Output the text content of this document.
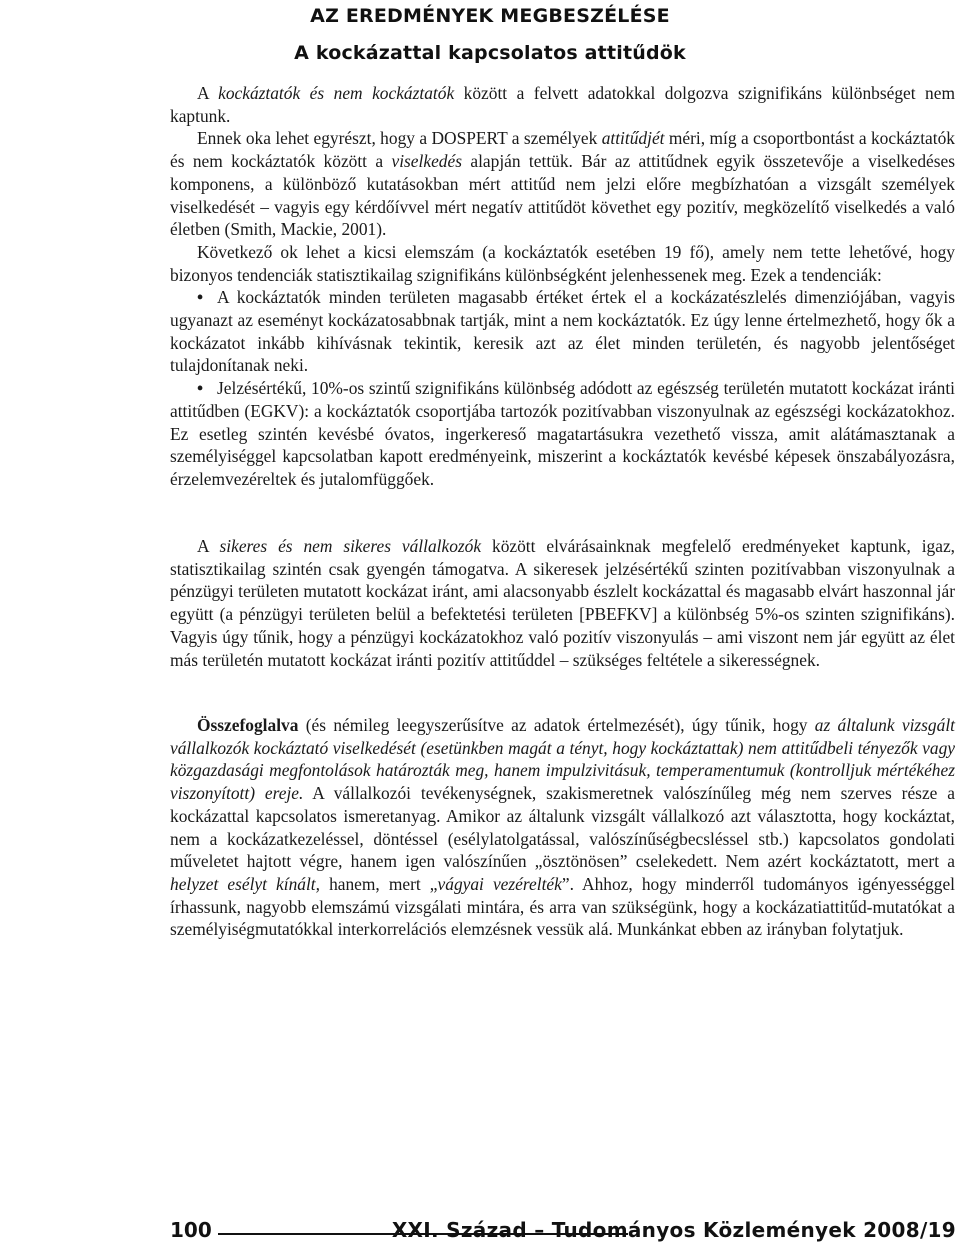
AZ EREDMÉNYEK MEGBESZÉLÉSE
A kockázattal kapcsolatos attitűdök
A kockáztatók és nem kockáztatók között a felvett adatokkal dolgozva szignifikáns különbséget nem kaptunk.
Ennek oka lehet egyrészt, hogy a DOSPERT a személyek attitűdjét méri, míg a csoportbontást a kockáztatók és nem kockáztatók között a viselkedés alapján tettük. Bár az attitűdnek egyik összetevője a viselkedéses komponens, a különböző kutatásokban mért attitűd nem jelzi előre megbízhatóan a vizsgált személyek viselkedését – vagyis egy kérdőívvel mért negatív attitűdöt követhet egy pozitív, megközelítő viselkedés a való életben (Smith, Mackie, 2001).
Következő ok lehet a kicsi elemszám (a kockáztatók esetében 19 fő), amely nem tette lehetővé, hogy bizonyos tendenciák statisztikailag szignifikáns különbségként jelenhessenek meg. Ezek a tendenciák:
• A kockáztatók minden területen magasabb értéket értek el a kockázatészlelés dimenziójában, vagyis ugyanazt az eseményt kockázatosabbnak tartják, mint a nem kockáztatók. Ez úgy lenne értelmezhető, hogy ők a kockázatot inkább kihívásnak tekintik, keresik azt az élet minden területén, és nagyobb jelentőséget tulajdonítanak neki.
• Jelzésértékű, 10%-os szintű szignifikáns különbség adódott az egészség területén mutatott kockázat iránti attitűdben (EGKV): a kockáztatók csoportjába tartozók pozitívabban viszonyulnak az egészségi kockázatokhoz. Ez esetleg szintén kevésbé óvatos, ingerkereső magatartásukra vezethető vissza, amit alátámasztanak a személyiséggel kapcsolatban kapott eredményeink, miszerint a kockáztatók kevésbé képesek önszabályozásra, érzelemvezéreltek és jutalomfüggőek.
A sikeres és nem sikeres vállalkozók között elvárásainknak megfelelő eredményeket kaptunk, igaz, statisztikailag szintén csak gyengén támogatva. A sikeresek jelzésértékű szinten pozitívabban viszonyulnak a pénzügyi területen mutatott kockázat iránt, ami alacsonyabb észlelt kockázattal és magasabb elvárt haszonnal jár együtt (a pénzügyi területen belül a befektetési területen [PBEFKV] a különbség 5%-os szinten szignifikáns). Vagyis úgy tűnik, hogy a pénzügyi kockázatokhoz való pozitív viszonyulás – ami viszont nem jár együtt az élet más területén mutatott kockázat iránti pozitív attitűddel – szükséges feltétele a sikerességnek.
Összefoglalva (és némileg leegyszerűsítve az adatok értelmezését), úgy tűnik, hogy az általunk vizsgált vállalkozók kockáztató viselkedését (esetünkben magát a tényt, hogy kockáztattak) nem attitűdbeli tényezők vagy közgazdasági megfontolások határozták meg, hanem impulzivitásuk, temperamentumuk (kontrolljuk mértékéhez viszonyított) ereje. A vállalkozói tevékenységnek, szakismeretnek valószínűleg még nem szerves része a kockázattal kapcsolatos ismeretanyag. Amikor az általunk vizsgált vállalkozó azt választotta, hogy kockáztat, nem a kockázatkezeléssel, döntéssel (esélylatolgatással, valószínűségbecsléssel stb.) kapcsolatos gondolati műveletet hajtott végre, hanem igen valószínűen „ösztönösen” cselekedett. Nem azért kockáztatott, mert a helyzet esélyt kínált, hanem, mert „vágyai vezérelték”. Ahhoz, hogy minderről tudományos igényességgel írhassunk, nagyobb elemszámú vizsgálati mintára, és arra van szükségünk, hogy a kockázatiattitűd-mutatókat a személyiségmutatókkal interkorrelációs elemzésnek vessük alá. Munkánkat ebben az irányban folytatjuk.
100	XXI. Század – Tudományos Közlemények 2008/19
